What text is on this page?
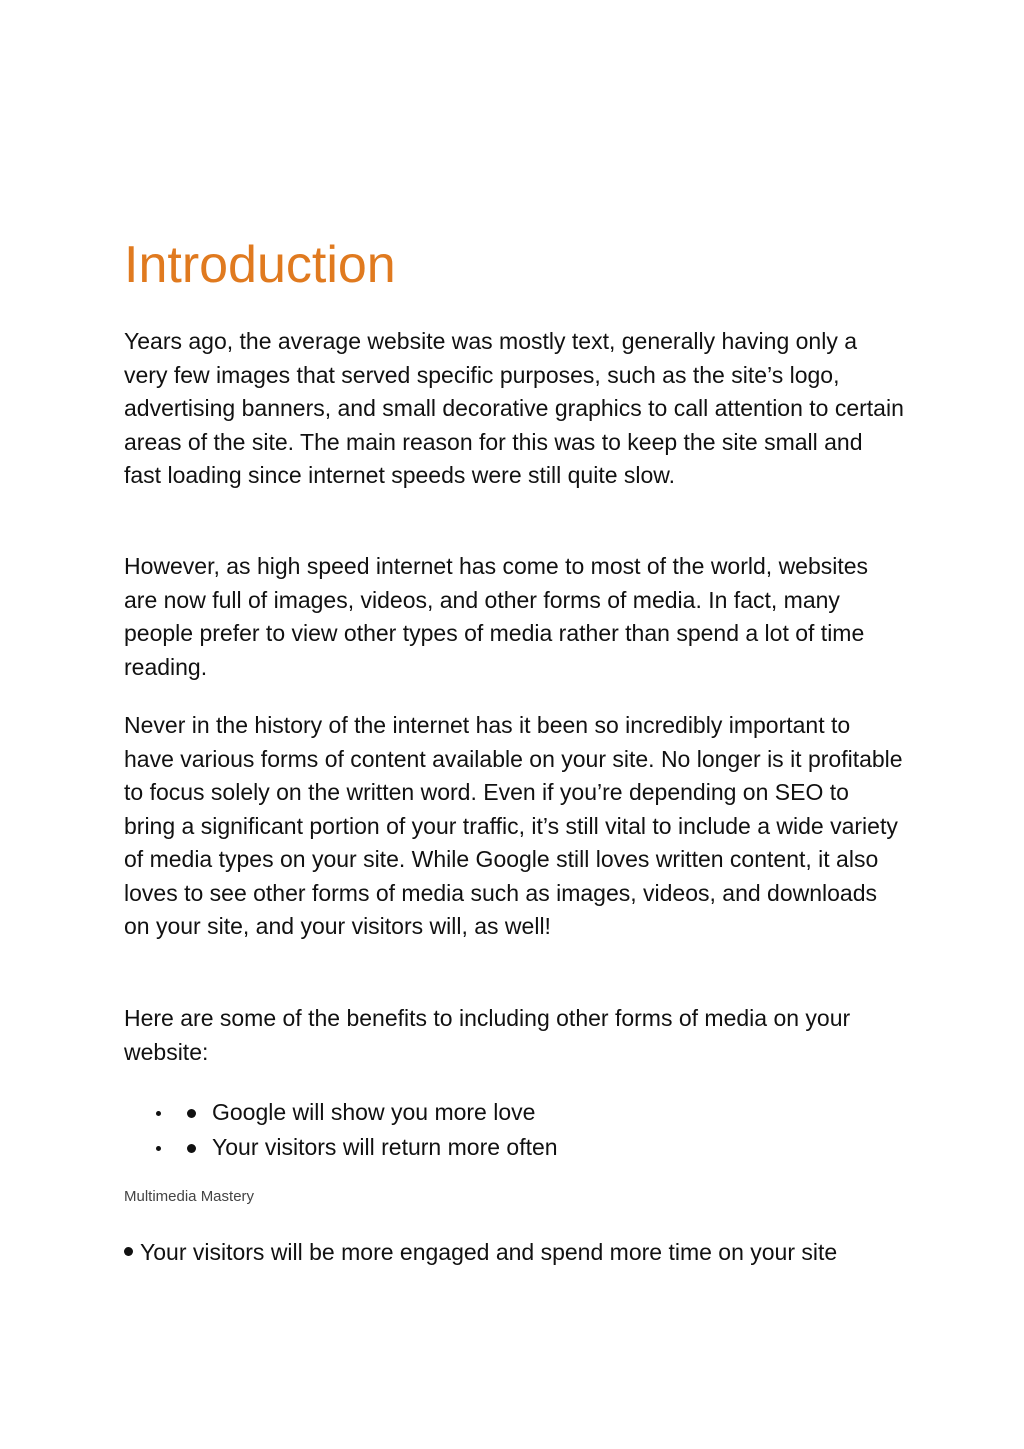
Introduction

Years ago, the average website was mostly text, generally having only a very few images that served specific purposes, such as the site’s logo, advertising banners, and small decorative graphics to call attention to certain areas of the site. The main reason for this was to keep the site small and fast loading since internet speeds were still quite slow.

However, as high speed internet has come to most of the world, websites are now full of images, videos, and other forms of media. In fact, many people prefer to view other types of media rather than spend a lot of time reading.

Never in the history of the internet has it been so incredibly important to have various forms of content available on your site. No longer is it profitable to focus solely on the written word. Even if you’re depending on SEO to bring a significant portion of your traffic, it’s still vital to include a wide variety of media types on your site. While Google still loves written content, it also loves to see other forms of media such as images, videos, and downloads on your site, and your visitors will, as well!

Here are some of the benefits to including other forms of media on your website:

Google will show you more love
Your visitors will return more often

Multimedia Mastery

Your visitors will be more engaged and spend more time on your site
